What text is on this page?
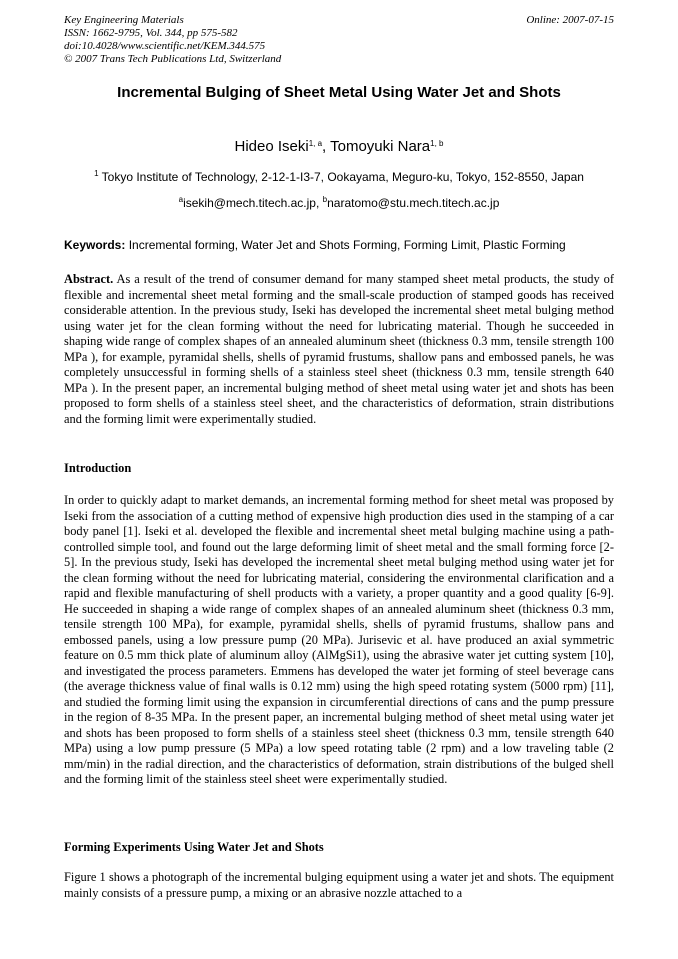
Key Engineering Materials
ISSN: 1662-9795, Vol. 344, pp 575-582
doi:10.4028/www.scientific.net/KEM.344.575
© 2007 Trans Tech Publications Ltd, Switzerland
Online: 2007-07-15
Incremental Bulging of Sheet Metal Using Water Jet and Shots
Hideo Iseki$^{1, a}$, Tomoyuki Nara$^{1, b}$
$^1$ Tokyo Institute of Technology, 2-12-1-I3-7, Ookayama, Meguro-ku, Tokyo, 152-8550, Japan
$^a$isekih@mech.titech.ac.jp, $^b$naratomo@stu.mech.titech.ac.jp
Keywords: Incremental forming, Water Jet and Shots Forming, Forming Limit, Plastic Forming
Abstract. As a result of the trend of consumer demand for many stamped sheet metal products, the study of flexible and incremental sheet metal forming and the small-scale production of stamped goods has received considerable attention. In the previous study, Iseki has developed the incremental sheet metal bulging method using water jet for the clean forming without the need for lubricating material. Though he succeeded in shaping wide range of complex shapes of an annealed aluminum sheet (thickness 0.3 mm, tensile strength 100 MPa ), for example, pyramidal shells, shells of pyramid frustums, shallow pans and embossed panels, he was completely unsuccessful in forming shells of a stainless steel sheet (thickness 0.3 mm, tensile strength 640 MPa ). In the present paper, an incremental bulging method of sheet metal using water jet and shots has been proposed to form shells of a stainless steel sheet, and the characteristics of deformation, strain distributions and the forming limit were experimentally studied.
Introduction
In order to quickly adapt to market demands, an incremental forming method for sheet metal was proposed by Iseki from the association of a cutting method of expensive high production dies used in the stamping of a car body panel [1]. Iseki et al. developed the flexible and incremental sheet metal bulging machine using a path-controlled simple tool, and found out the large deforming limit of sheet metal and the small forming force [2-5]. In the previous study, Iseki has developed the incremental sheet metal bulging method using water jet for the clean forming without the need for lubricating material, considering the environmental clarification and a rapid and flexible manufacturing of shell products with a variety, a proper quantity and a good quality [6-9]. He succeeded in shaping a wide range of complex shapes of an annealed aluminum sheet (thickness 0.3 mm, tensile strength 100 MPa), for example, pyramidal shells, shells of pyramid frustums, shallow pans and embossed panels, using a low pressure pump (20 MPa). Jurisevic et al. have produced an axial symmetric feature on 0.5 mm thick plate of aluminum alloy (AlMgSi1), using the abrasive water jet cutting system [10], and investigated the process parameters. Emmens has developed the water jet forming of steel beverage cans (the average thickness value of final walls is 0.12 mm) using the high speed rotating system (5000 rpm) [11], and studied the forming limit using the expansion in circumferential directions of cans and the pump pressure in the region of 8-35 MPa. In the present paper, an incremental bulging method of sheet metal using water jet and shots has been proposed to form shells of a stainless steel sheet (thickness 0.3 mm, tensile strength 640 MPa) using a low pump pressure (5 MPa) a low speed rotating table (2 rpm) and a low traveling table (2 mm/min) in the radial direction, and the characteristics of deformation, strain distributions of the bulged shell and the forming limit of the stainless steel sheet were experimentally studied.
Forming Experiments Using Water Jet and Shots
Figure 1 shows a photograph of the incremental bulging equipment using a water jet and shots. The equipment mainly consists of a pressure pump, a mixing or an abrasive nozzle attached to a
